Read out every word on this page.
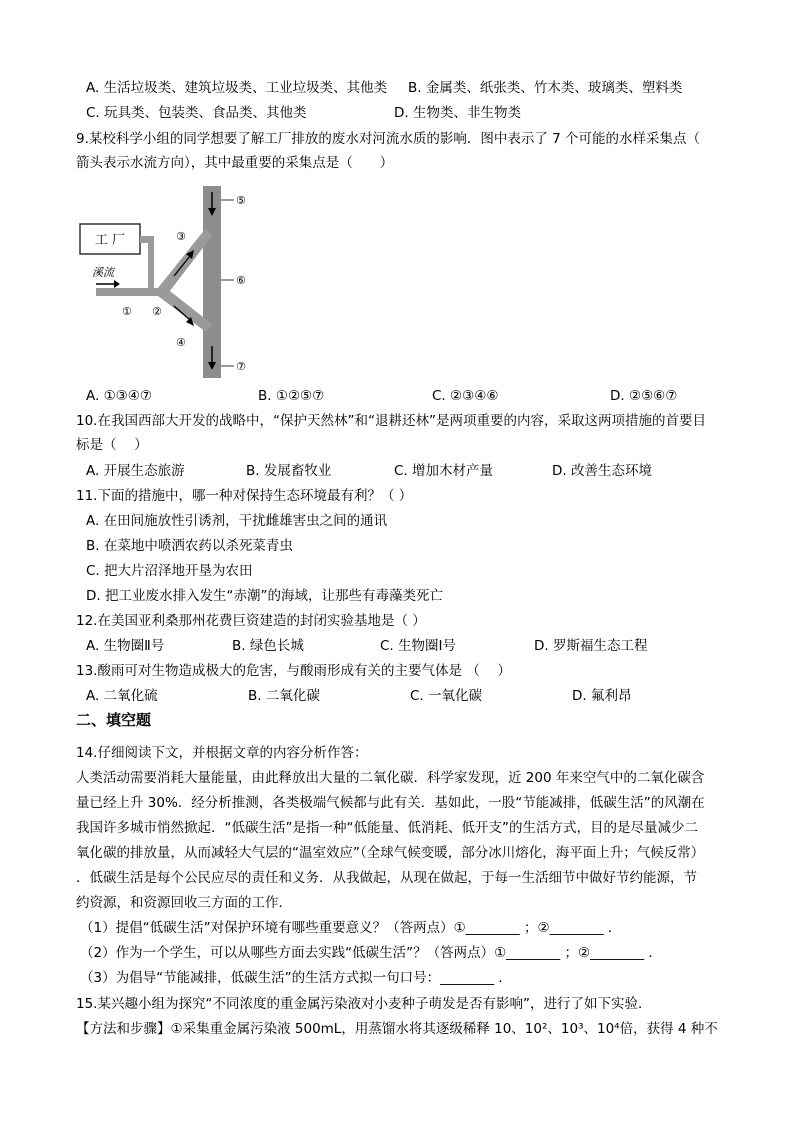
A. 生活垃圾类、建筑垃圾类、工业垃圾类、其他类 B. 金属类、纸张类、竹木类、玻璃类、塑料类
C. 玩具类、包装类、食品类、其他类	D. 生物类、非生物类
9.某校科学小组的同学想要了解工厂排放的废水对河流水质的影响．图中表示了 7 个可能的水样采集点（
箭头表示水流方向），其中最重要的采集点是（　　）
工 厂
溪流
① ②
③
④
⑤
⑥
⑦
A. ①③④⑦	B. ①②⑤⑦	C. ②③④⑥	D. ②⑤⑥⑦
10.在我国西部大开发的战略中，“保护天然林”和“退耕还林”是两项重要的内容，采取这两项措施的首要目
标是（　 ）
A. 开展生态旅游	B. 发展畜牧业	C. 增加木材产量	D. 改善生态环境
11.下面的措施中，哪一种对保持生态环境最有利？（ ）
A. 在田间施放性引诱剂，干扰雌雄害虫之间的通讯
B. 在菜地中喷洒农药以杀死菜青虫
C. 把大片沼泽地开垦为农田
D. 把工业废水排入发生“赤潮”的海域，让那些有毒藻类死亡
12.在美国亚利桑那州花费巨资建造的封闭实验基地是（ ）
A. 生物圈Ⅱ号	B. 绿色长城	C. 生物圈Ⅰ号	D. 罗斯福生态工程
13.酸雨可对生物造成极大的危害，与酸雨形成有关的主要气体是 （　 ）
A. 二氧化硫	B. 二氧化碳	C. 一氧化碳	D. 氟利昂
二、填空题
14.仔细阅读下文，并根据文章的内容分析作答：
人类活动需要消耗大量能量，由此释放出大量的二氧化碳．科学家发现，近 200 年来空气中的二氧化碳含
量已经上升 30%．经分析推测，各类极端气候都与此有关．基如此，一股“节能减排，低碳生活”的风潮在
我国许多城市悄然掀起．“低碳生活”是指一种“低能量、低消耗、低开支”的生活方式，目的是尽量减少二
氧化碳的排放量，从而减轻大气层的“温室效应”（全球气候变暖，部分冰川熔化，海平面上升；气候反常）
．低碳生活是每个公民应尽的责任和义务．从我做起，从现在做起，于每一生活细节中做好节约能源，节
约资源，和资源回收三方面的工作．
（1）提倡“低碳生活”对保护环境有哪些重要意义？（答两点）①________ ；②________ ．
（2）作为一个学生，可以从哪些方面去实践“低碳生活”？（答两点）①________ ；②________ ．
（3）为倡导“节能减排，低碳生活”的生活方式拟一句口号：________ ．
15.某兴趣小组为探究“不同浓度的重金属污染液对小麦种子萌发是否有影响”，进行了如下实验．
【方法和步骤】①采集重金属污染液 500mL，用蒸馏水将其逐级稀释 10、10²、10³、10⁴倍，获得 4 种不
